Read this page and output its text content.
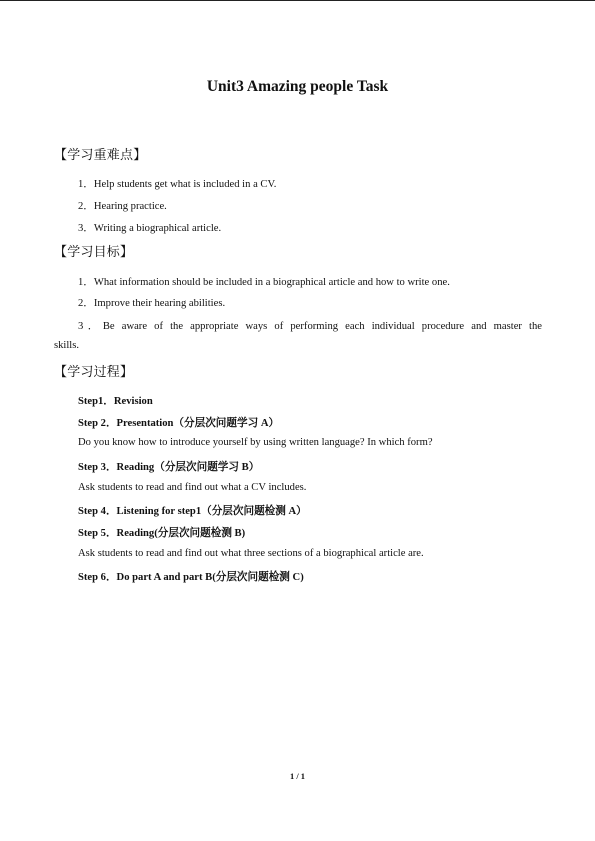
Unit3 Amazing people Task
【学习重难点】
1．Help students get what is included in a CV.
2．Hearing practice.
3．Writing a biographical article.
【学习目标】
1．What information should be included in a biographical article and how to write one.
2．Improve their hearing abilities.
3．Be aware of the appropriate ways of performing each individual procedure and master the
skills.
【学习过程】
Step1．Revision
Step 2．Presentation（分层次问题学习 A）
Do you know how to introduce yourself by using written language? In which form?
Step 3．Reading（分层次问题学习 B）
Ask students to read and find out what a CV includes.
Step 4．Listening for step1（分层次问题检测 A）
Step 5．Reading(分层次问题检测 B)
Ask students to read and find out what three sections of a biographical article are.
Step 6．Do part A and part B(分层次问题检测 C)
1 / 1
